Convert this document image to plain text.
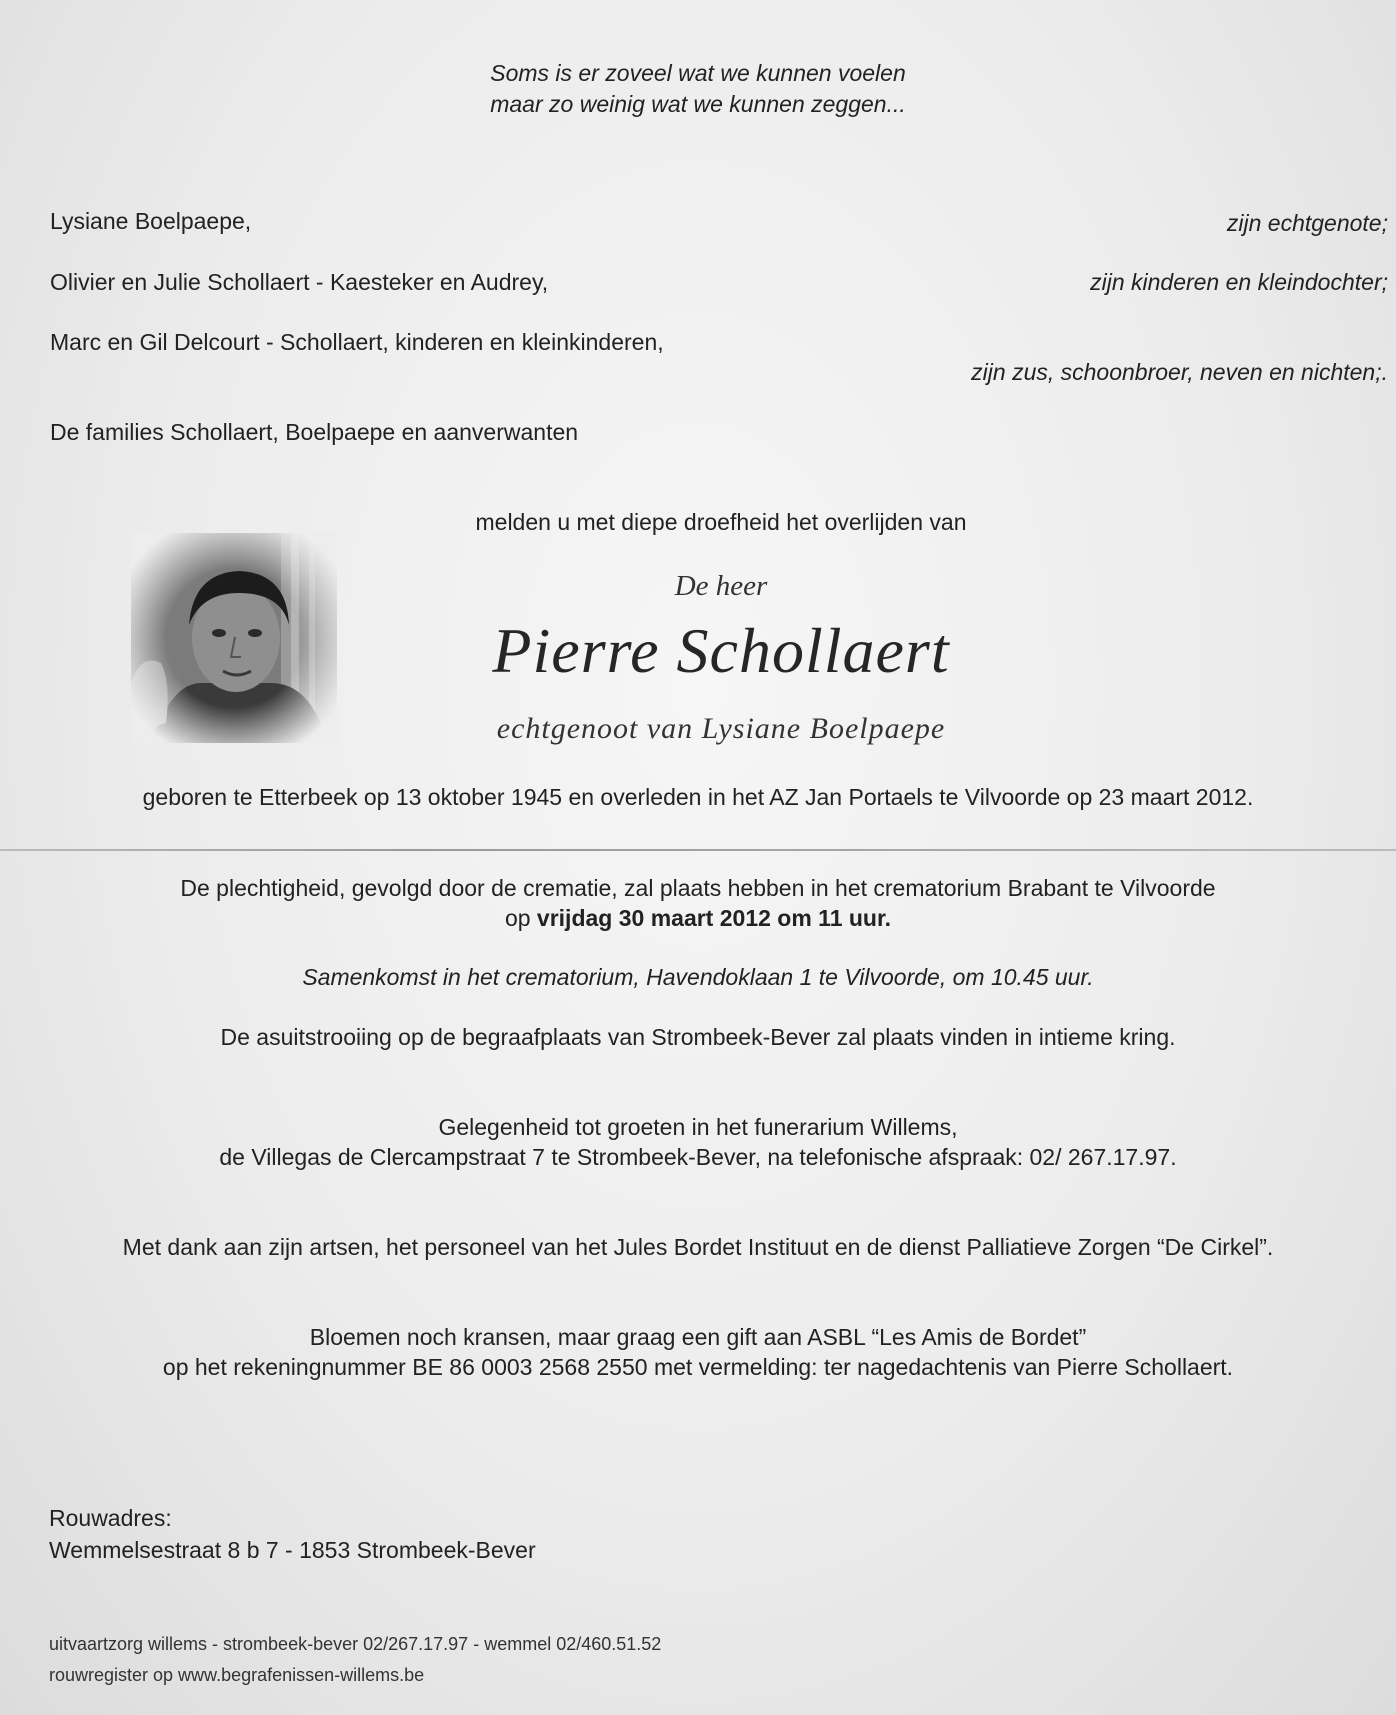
Soms is er zoveel wat we kunnen voelen
maar zo weinig wat we kunnen zeggen...
Lysiane Boelpaepe,	zijn echtgenote;
Olivier en Julie Schollaert - Kaesteker en Audrey,	zijn kinderen en kleindochter;
Marc en Gil Delcourt - Schollaert, kinderen en kleinkinderen,
zijn zus, schoonbroer, neven en nichten;.
De families Schollaert, Boelpaepe en aanverwanten
melden u met diepe droefheid het overlijden van
De heer
Pierre Schollaert
echtgenoot van Lysiane Boelpaepe
geboren te Etterbeek op 13 oktober 1945 en overleden in het AZ Jan Portaels te Vilvoorde op 23 maart 2012.
De plechtigheid, gevolgd door de crematie, zal plaats hebben in het crematorium Brabant te Vilvoorde
op vrijdag 30 maart 2012 om 11 uur.
Samenkomst in het crematorium, Havendoklaan 1 te Vilvoorde, om 10.45 uur.
De asuitstrooiing op de begraafplaats van Strombeek-Bever zal plaats vinden in intieme kring.
Gelegenheid tot groeten in het funerarium Willems,
de Villegas de Clercampstraat 7 te Strombeek-Bever, na telefonische afspraak: 02/ 267.17.97.
Met dank aan zijn artsen, het personeel van het Jules Bordet Instituut en de dienst Palliatieve Zorgen “De Cirkel”.
Bloemen noch kransen, maar graag een gift aan ASBL “Les Amis de Bordet”
op het rekeningnummer BE 86 0003 2568 2550 met vermelding: ter nagedachtenis van Pierre Schollaert.
Rouwadres:
Wemmelsestraat 8 b 7 - 1853 Strombeek-Bever
uitvaartzorg willems - strombeek-bever 02/267.17.97 - wemmel 02/460.51.52
rouwregister op www.begrafenissen-willems.be
